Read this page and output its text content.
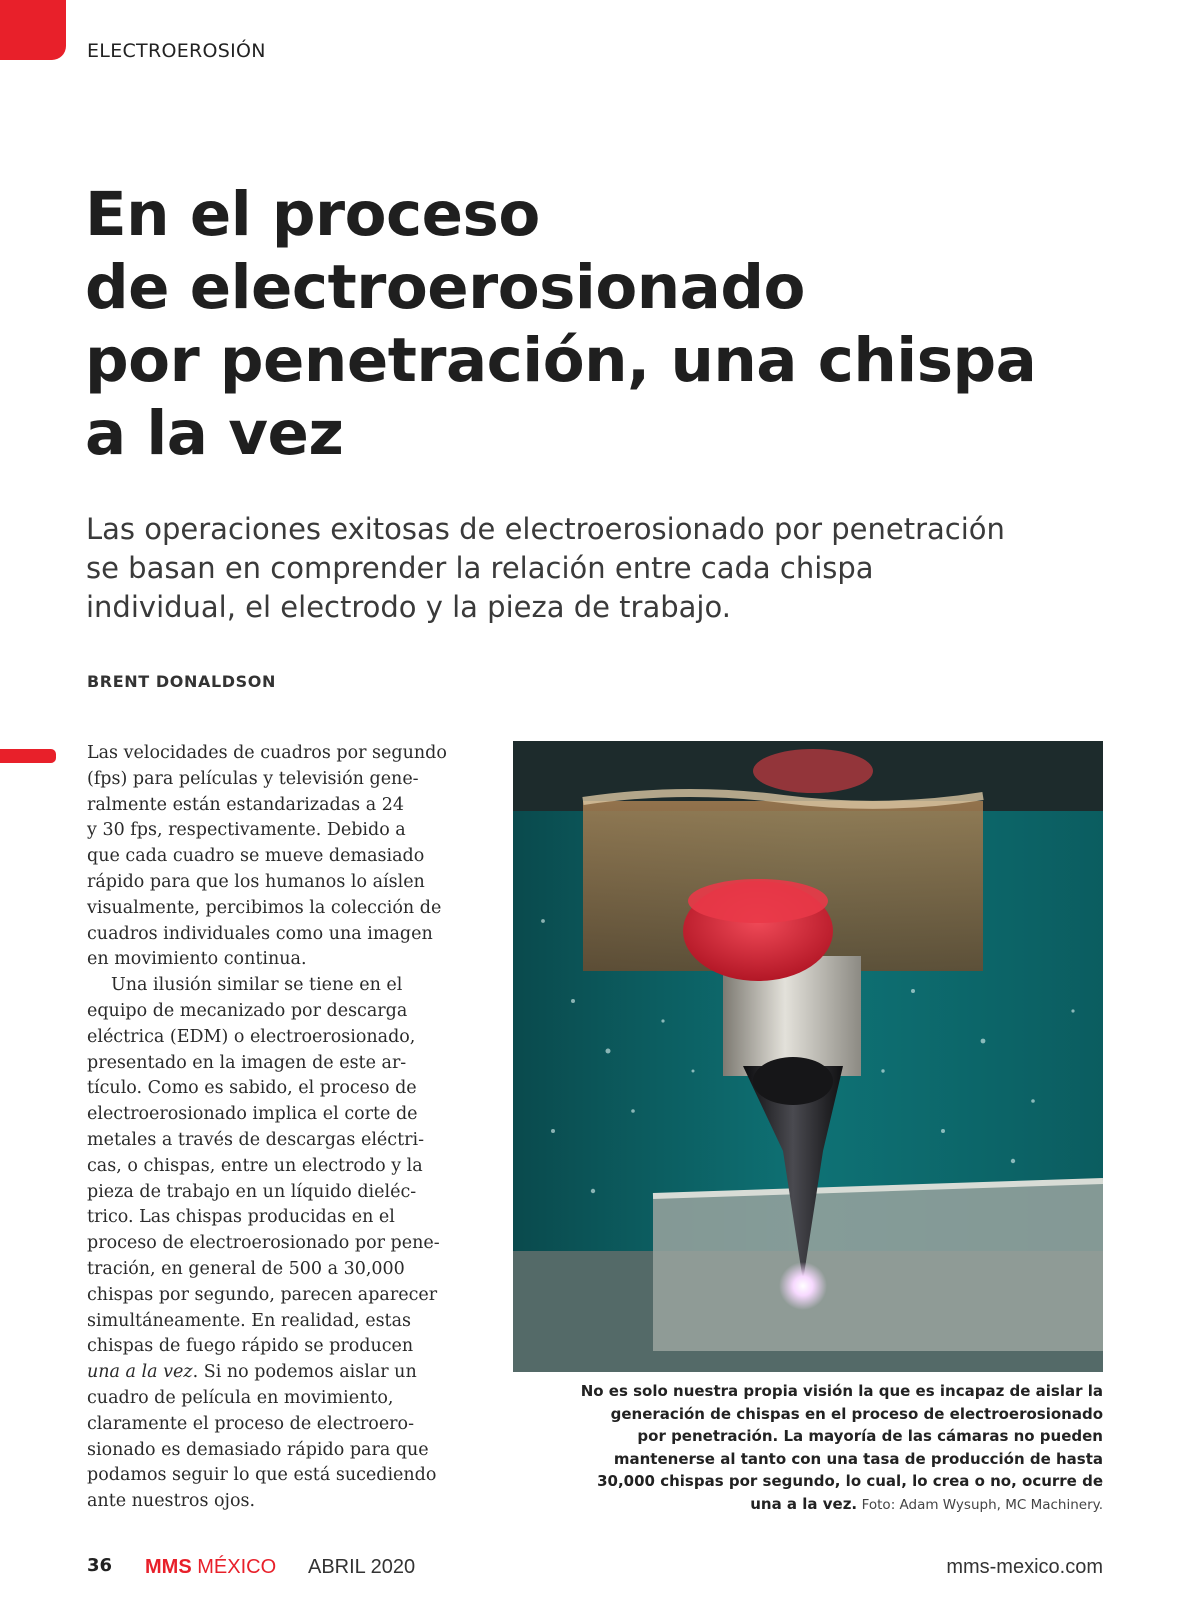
ELECTROEROSIÓN
En el proceso
de electroerosionado
por penetración, una chispa
a la vez

Las operaciones exitosas de electroerosionado por penetración
se basan en comprender la relación entre cada chispa
individual, el electrodo y la pieza de trabajo.

BRENT DONALDSON

Las velocidades de cuadros por segundo
(fps) para películas y televisión gene-
ralmente están estandarizadas a 24
y 30 fps, respectivamente. Debido a
que cada cuadro se mueve demasiado
rápido para que los humanos lo aíslen
visualmente, percibimos la colección de
cuadros individuales como una imagen
en movimiento continua.

Una ilusión similar se tiene en el
equipo de mecanizado por descarga
eléctrica (EDM) o electroerosionado,
presentado en la imagen de este ar-
tículo. Como es sabido, el proceso de
electroerosionado implica el corte de
metales a través de descargas eléctri-
cas, o chispas, entre un electrodo y la
pieza de trabajo en un líquido dieléc-
trico. Las chispas producidas en el
proceso de electroerosionado por pene-
tración, en general de 500 a 30,000
chispas por segundo, parecen aparecer
simultáneamente. En realidad, estas
chispas de fuego rápido se producen
una a la vez. Si no podemos aislar un
cuadro de película en movimiento,
claramente el proceso de electroero-
sionado es demasiado rápido para que
podamos seguir lo que está sucediendo
ante nuestros ojos.

No es solo nuestra propia visión la que es incapaz de aislar la
generación de chispas en el proceso de electroerosionado
por penetración. La mayoría de las cámaras no pueden
mantenerse al tanto con una tasa de producción de hasta
30,000 chispas por segundo, lo cual, lo crea o no, ocurre de
una a la vez. Foto: Adam Wysuph, MC Machinery.
36 MMS MÉXICO ABRIL 2020	mms-mexico.com
